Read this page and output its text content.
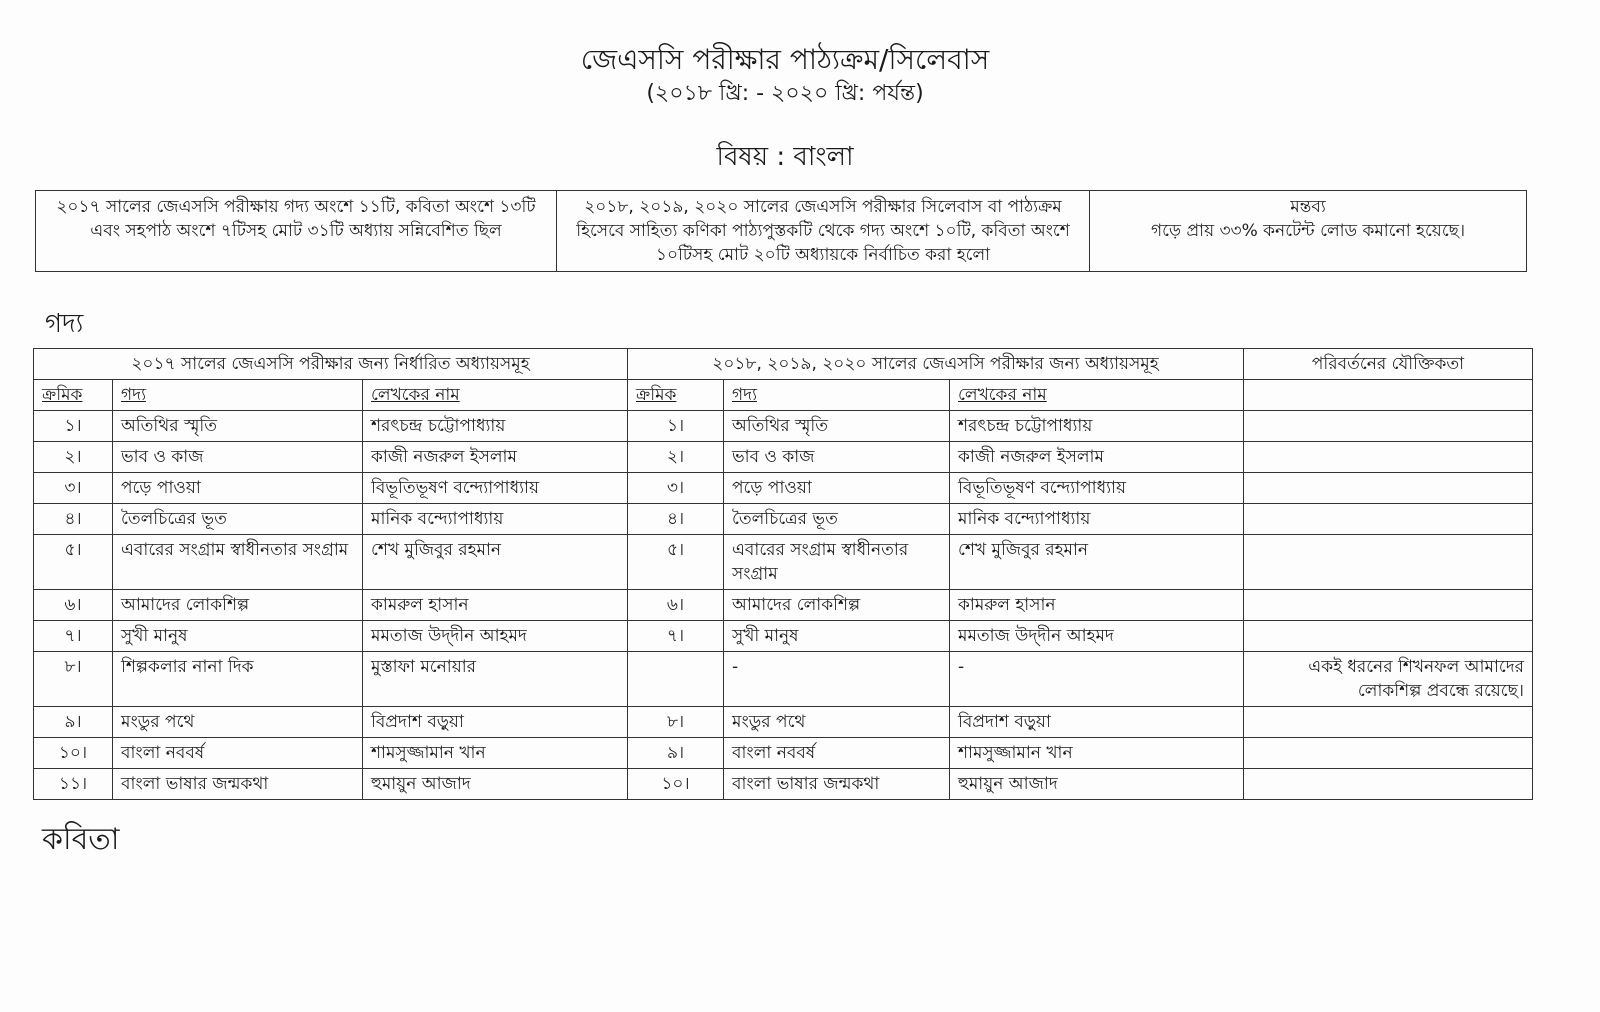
জেএসসি পরীক্ষার পাঠ্যক্রম/সিলেবাস
(২০১৮ খ্রি: - ২০২০ খ্রি: পর্যন্ত)
বিষয় : বাংলা
২০১৭ সালের জেএসসি পরীক্ষায় গদ্য অংশে ১১টি, কবিতা অংশে ১৩টি এবং সহপাঠ অংশে ৭টিসহ মোট ৩১টি অধ্যায় সন্নিবেশিত ছিল	২০১৮, ২০১৯, ২০২০ সালের জেএসসি পরীক্ষার সিলেবাস বা পাঠ্যক্রম হিসেবে সাহিত্য কণিকা পাঠ্যপুস্তকটি থেকে গদ্য অংশে ১০টি, কবিতা অংশে ১০টিসহ মোট ২০টি অধ্যায়কে নির্বাচিত করা হলো	
মন্তব্য
গড়ে প্রায় ৩৩% কনটেন্ট লোড কমানো হয়েছে।
গদ্য
২০১৭ সালের জেএসসি পরীক্ষার জন্য নির্ধারিত অধ্যায়সমূহ			২০১৮, ২০১৯, ২০২০ সালের জেএসসি পরীক্ষার জন্য অধ্যায়সমূহ			পরিবর্তনের যৌক্তিকতা
ক্রমিক	গদ্য	লেখকের নাম	ক্রমিক	গদ্য	লেখকের নাম	
১।	অতিথির স্মৃতি	শরৎচন্দ্র চট্টোপাধ্যায়	১।	অতিথির স্মৃতি	শরৎচন্দ্র চট্টোপাধ্যায়	
২।	ভাব ও কাজ	কাজী নজরুল ইসলাম	২।	ভাব ও কাজ	কাজী নজরুল ইসলাম	
৩।	পড়ে পাওয়া	বিভূতিভূষণ বন্দ্যোপাধ্যায়	৩।	পড়ে পাওয়া	বিভূতিভূষণ বন্দ্যোপাধ্যায়	
৪।	তৈলচিত্রের ভূত	মানিক বন্দ্যোপাধ্যায়	৪।	তৈলচিত্রের ভূত	মানিক বন্দ্যোপাধ্যায়	
৫।	এবারের সংগ্রাম স্বাধীনতার সংগ্রাম	শেখ মুজিবুর রহমান	৫।	এবারের সংগ্রাম স্বাধীনতার সংগ্রাম	শেখ মুজিবুর রহমান	
৬।	আমাদের লোকশিল্প	কামরুল হাসান	৬।	আমাদের লোকশিল্প	কামরুল হাসান	
৭।	সুখী মানুষ	মমতাজ উদ্‌দীন আহমদ	৭।	সুখী মানুষ	মমতাজ উদ্‌দীন আহমদ	
৮।	শিল্পকলার নানা দিক	মুস্তাফা মনোয়ার		-	-	একই ধরনের শিখনফল আমাদের লোকশিল্প প্রবন্ধে রয়েছে।
৯।	মংডুর পথে	বিপ্রদাশ বড়ুয়া	৮।	মংডুর পথে	বিপ্রদাশ বড়ুয়া	
১০।	বাংলা নববর্ষ	শামসুজ্জামান খান	৯।	বাংলা নববর্ষ	শামসুজ্জামান খান	
১১।	বাংলা ভাষার জন্মকথা	হুমায়ুন আজাদ	১০।	বাংলা ভাষার জন্মকথা	হুমায়ুন আজাদ	
কবিতা
